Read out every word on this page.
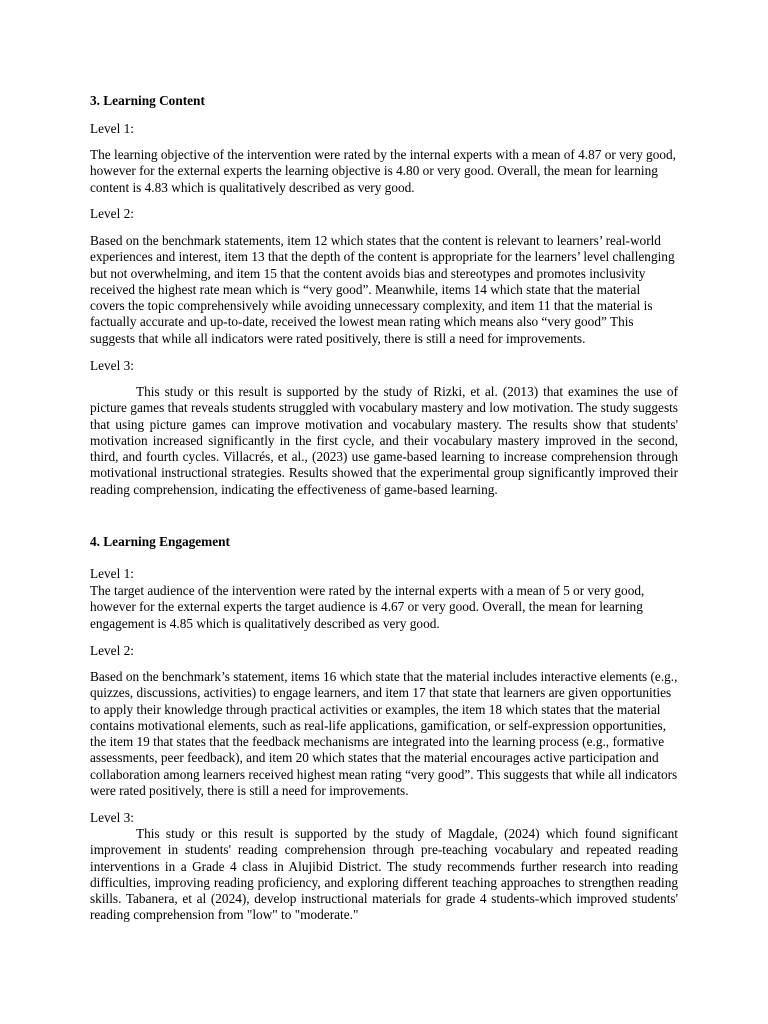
3. Learning Content

Level 1:

The learning objective of the intervention were rated by the internal experts with a mean of 4.87 or very good, however for the external experts the learning objective is 4.80 or very good. Overall, the mean for learning content is 4.83 which is qualitatively described as very good.

Level 2:

Based on the benchmark statements, item 12 which states that the content is relevant to learners’ real-world experiences and interest, item 13 that the depth of the content is appropriate for the learners’ level challenging but not overwhelming, and item 15 that the content avoids bias and stereotypes and promotes inclusivity received the highest rate mean which is “very good”. Meanwhile, items 14 which state that the material covers the topic comprehensively while avoiding unnecessary complexity, and item 11 that the material is factually accurate and up-to-date, received the lowest mean rating which means also “very good” This suggests that while all indicators were rated positively, there is still a need for improvements.

Level 3:

This study or this result is supported by the study of Rizki, et al. (2013) that examines the use of picture games that reveals students struggled with vocabulary mastery and low motivation. The study suggests that using picture games can improve motivation and vocabulary mastery. The results show that students' motivation increased significantly in the first cycle, and their vocabulary mastery improved in the second, third, and fourth cycles. Villacrés, et al., (2023) use game-based learning to increase comprehension through motivational instructional strategies. Results showed that the experimental group significantly improved their reading comprehension, indicating the effectiveness of game-based learning.

4. Learning Engagement

Level 1:

The target audience of the intervention were rated by the internal experts with a mean of 5 or very good, however for the external experts the target audience is 4.67 or very good. Overall, the mean for learning engagement is 4.85 which is qualitatively described as very good.

Level 2:

Based on the benchmark’s statement, items 16 which state that the material includes interactive elements (e.g., quizzes, discussions, activities) to engage learners, and item 17 that state that learners are given opportunities to apply their knowledge through practical activities or examples, the item 18 which states that the material contains motivational elements, such as real-life applications, gamification, or self-expression opportunities, the item 19 that states that the feedback mechanisms are integrated into the learning process (e.g., formative assessments, peer feedback), and item 20 which states that the material encourages active participation and collaboration among learners received highest mean rating “very good”. This suggests that while all indicators were rated positively, there is still a need for improvements.

Level 3:

This study or this result is supported by the study of Magdale, (2024) which found significant improvement in students' reading comprehension through pre-teaching vocabulary and repeated reading interventions in a Grade 4 class in Alujibid District. The study recommends further research into reading difficulties, improving reading proficiency, and exploring different teaching approaches to strengthen reading skills. Tabanera, et al (2024), develop instructional materials for grade 4 students-which improved students' reading comprehension from "low" to "moderate."
